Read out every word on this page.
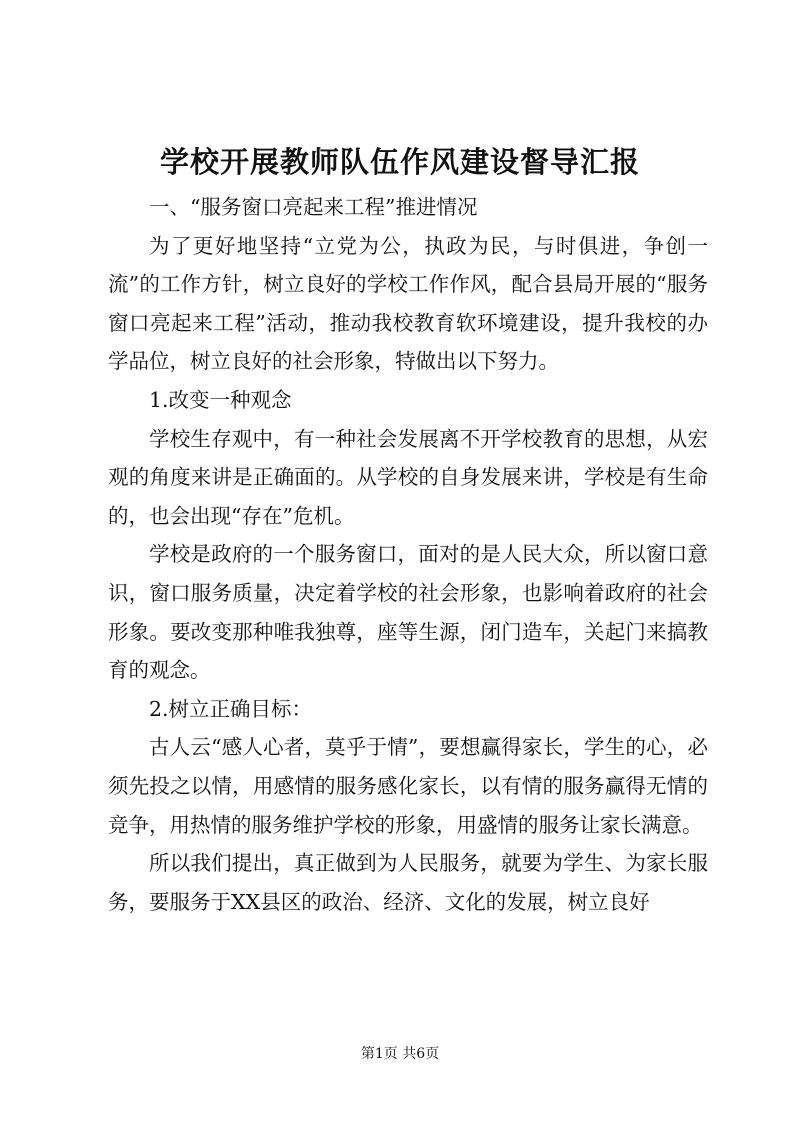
学校开展教师队伍作风建设督导汇报

一、“服务窗口亮起来工程”推进情况

为了更好地坚持“立党为公，执政为民，与时俱进，争创一流”的工作方针，树立良好的学校工作作风，配合县局开展的“服务窗口亮起来工程”活动，推动我校教育软环境建设，提升我校的办学品位，树立良好的社会形象，特做出以下努力。

1.改变一种观念

学校生存观中，有一种社会发展离不开学校教育的思想，从宏观的角度来讲是正确面的。从学校的自身发展来讲，学校是有生命的，也会出现“存在”危机。

学校是政府的一个服务窗口，面对的是人民大众，所以窗口意识，窗口服务质量，决定着学校的社会形象，也影响着政府的社会形象。要改变那种唯我独尊，座等生源，闭门造车，关起门来搞教育的观念。

2.树立正确目标：

古人云“感人心者，莫乎于情”，要想赢得家长，学生的心，必须先投之以情，用感情的服务感化家长，以有情的服务赢得无情的竞争，用热情的服务维护学校的形象，用盛情的服务让家长满意。

所以我们提出，真正做到为人民服务，就要为学生、为家长服务，要服务于XX县区的政治、经济、文化的发展，树立良好

第1页 共6页
